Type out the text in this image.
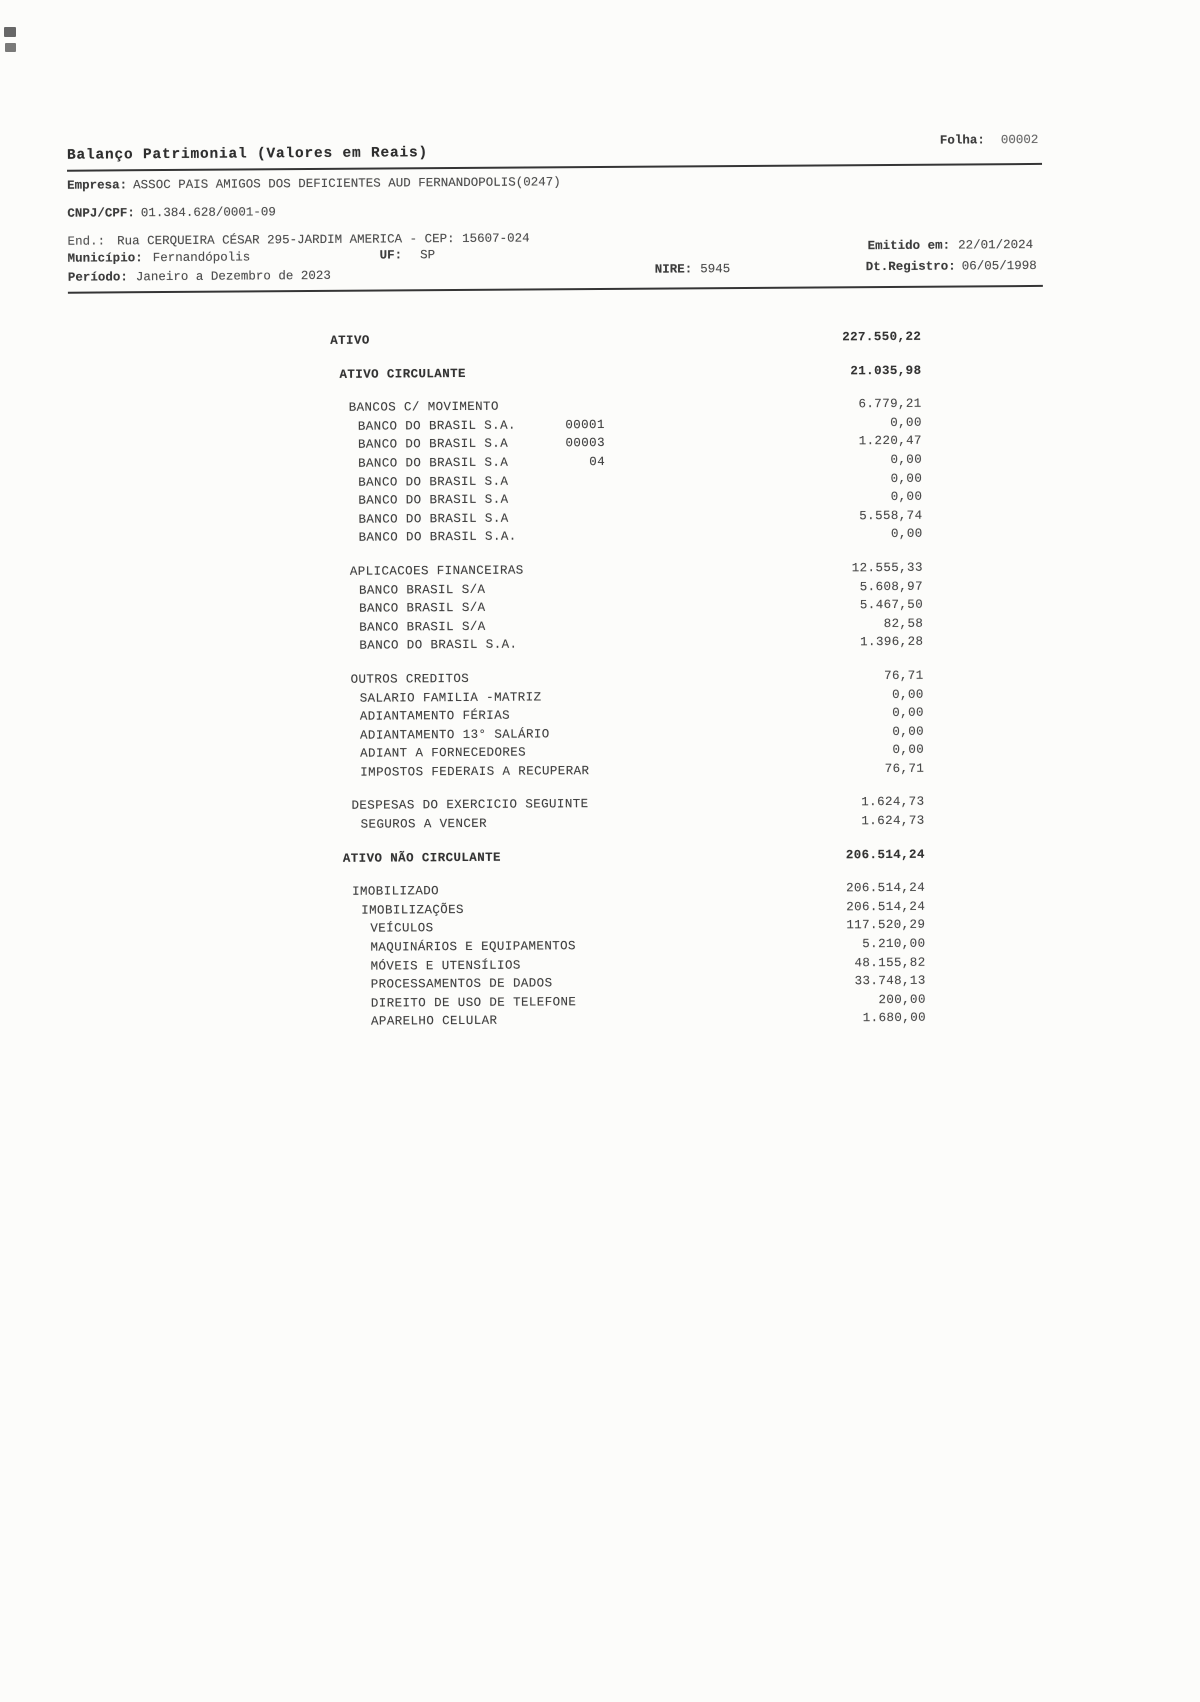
Folha: 00002
Balanço Patrimonial (Valores em Reais)
Empresa: ASSOC PAIS AMIGOS DOS DEFICIENTES AUD FERNANDOPOLIS(0247)
CNPJ/CPF: 01.384.628/0001-09
End.: Rua CERQUEIRA CÉSAR 295-JARDIM AMERICA - CEP: 15607-024
Município: Fernandópolis	UF: SP
Emitido em: 22/01/2024
Período: Janeiro a Dezembro de 2023	NIRE: 5945	Dt.Registro: 06/05/1998
ATIVO	227.550,22
ATIVO CIRCULANTE	21.035,98
BANCOS C/ MOVIMENTO	6.779,21
BANCO DO BRASIL S.A.	00001	0,00
BANCO DO BRASIL S.A	00003	1.220,47
BANCO DO BRASIL S.A	04	0,00
BANCO DO BRASIL S.A	0,00
BANCO DO BRASIL S.A	0,00
BANCO DO BRASIL S.A	5.558,74
BANCO DO BRASIL S.A.	0,00
APLICACOES FINANCEIRAS	12.555,33
BANCO BRASIL S/A	5.608,97
BANCO BRASIL S/A	5.467,50
BANCO BRASIL S/A	82,58
BANCO DO BRASIL S.A.	1.396,28
OUTROS CREDITOS	76,71
SALARIO FAMILIA -MATRIZ	0,00
ADIANTAMENTO FÉRIAS	0,00
ADIANTAMENTO 13° SALÁRIO	0,00
ADIANT A FORNECEDORES	0,00
IMPOSTOS FEDERAIS A RECUPERAR	76,71
DESPESAS DO EXERCICIO SEGUINTE	1.624,73
SEGUROS A VENCER	1.624,73
ATIVO NÃO CIRCULANTE	206.514,24
IMOBILIZADO	206.514,24
IMOBILIZAÇÕES	206.514,24
VEÍCULOS	117.520,29
MAQUINÁRIOS E EQUIPAMENTOS	5.210,00
MÓVEIS E UTENSÍLIOS	48.155,82
PROCESSAMENTOS DE DADOS	33.748,13
DIREITO DE USO DE TELEFONE	200,00
APARELHO CELULAR	1.680,00
